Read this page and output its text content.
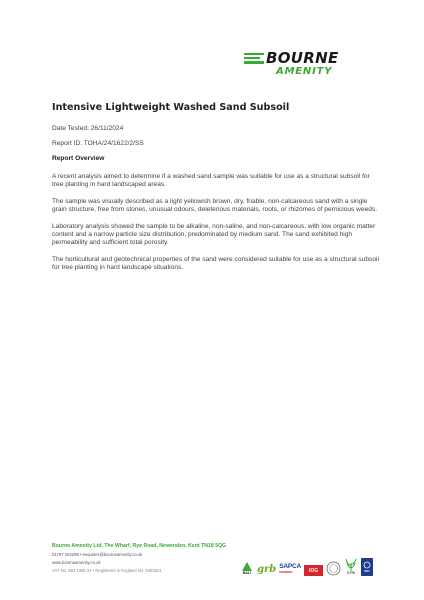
BOURNE
AMENITY
Intensive Lightweight Washed Sand Subsoil
Date Tested: 26/11/2024
Report ID: TOHA/24/1622/2/SS
Report Overview

A recent analysis aimed to determine if a washed sand sample was suitable for use as a structural subsoil for tree planting in hard landscaped areas.

The sample was visually described as a light yellowish brown, dry, friable, non-calcareous sand with a single grain structure, free from stones, unusual odours, deleterious materials, roots, or rhizomes of pernicious weeds.

Laboratory analysis showed the sample to be alkaline, non-saline, and non-calcareous, with low organic matter content and a narrow particle size distribution, predominated by medium sand. The sand exhibited high permeability and sufficient total porosity.

The horticultural and geotechnical properties of the sand were considered suitable for use as a structural subsoil for tree planting in hard landscape situations.

Bourne Amenity Ltd, The Wharf, Rye Road, Newenden, Kent TN18 5QG
01797 252299 • enquiries@bourneamenity.co.uk
www.bourneamenity.co.uk
VAT No: 863 1396 22 • Registered in England No: 5483621	BALI grb SAPCA
MEMBER	IOG	STRI	ISO
